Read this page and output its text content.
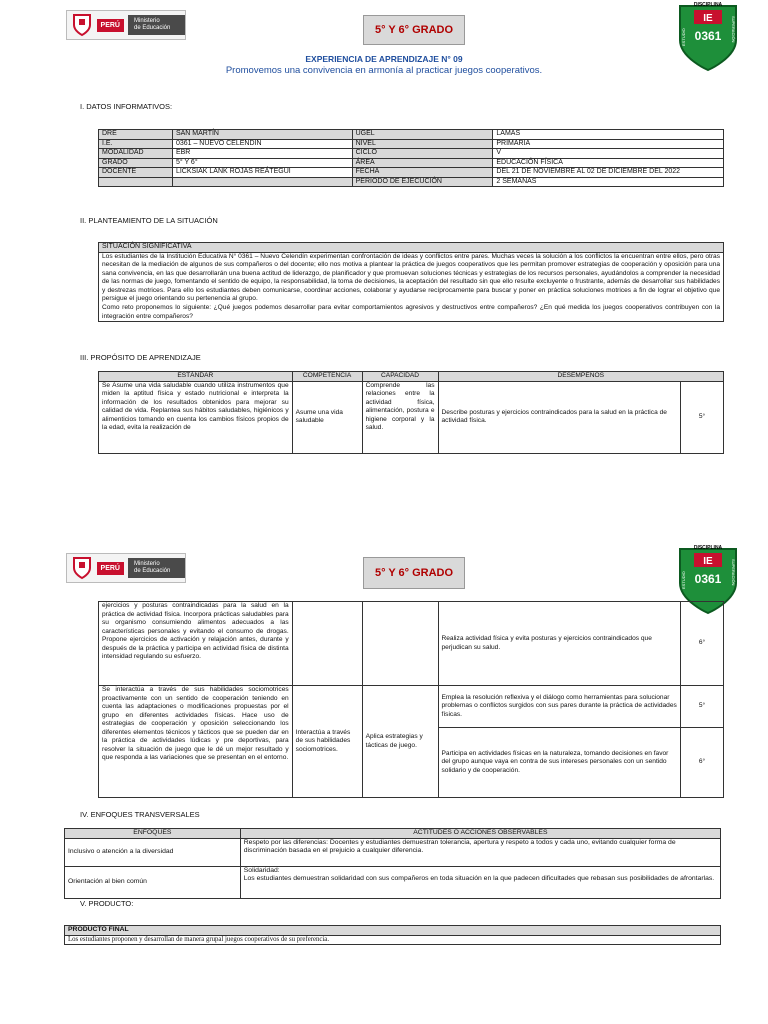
PERÚ
Ministerio
de Educación	5° Y 6° GRADO
IE
DISCIPLINA
0361
ESTUDIO	SUPERACIÓN
EXPERIENCIA DE APRENDIZAJE N° 09
Promovemos una convivencia en armonía al practicar juegos cooperativos.
I. DATOS INFORMATIVOS:
DRE	SAN MARTÍN	UGEL	LAMAS
I.E.	0361 – NUEVO CELENDIN	NIVEL	PRIMARIA
MODALIDAD	EBR	CICLO	V
GRADO	5° Y 6°	ÁREA	EDUCACIÓN FÍSICA
DOCENTE	LICKSIAK LANK ROJAS REÁTEGUI	FECHA	DEL 21 DE NOVIEMBRE AL 02 DE DICIEMBRE DEL 2022
		PERIODO DE EJECUCIÓN	2 SEMANAS
II. PLANTEAMIENTO DE LA SITUACIÓN
SITUACIÓN SIGNIFICATIVA

Los estudiantes de la Institución Educativa N° 0361 – Nuevo Celendín experimentan confrontación de ideas y conflictos entre pares. Muchas veces la solución a los conflictos la encuentran entre ellos, pero otras necesitan de la mediación de algunos de sus compañeros o del docente; ello nos motiva a plantear la práctica de juegos cooperativos que les permitan promover estrategias de cooperación y oposición para una sana convivencia, en las que desarrollarán una buena actitud de liderazgo, de planificador y que promuevan soluciones técnicas y estrategias de los recursos personales, ayudándolos a comprender la necesidad de las normas de juego, fomentando el sentido de equipo, la responsabilidad, la toma de decisiones, la aceptación del resultado sin que ello resulte excluyente o frustrante, además de desarrollar sus habilidades y destrezas motrices. Para ello los estudiantes deben comunicarse, coordinar acciones, colaborar y ayudarse recíprocamente para buscar y poner en práctica soluciones motrices a fin de lograr el objetivo que persigue el juego orientando su pertenencia al grupo.
Como reto proponemos lo siguiente: ¿Qué juegos podemos desarrollar para evitar comportamientos agresivos y destructivos entre compañeros? ¿En qué medida los juegos cooperativos contribuyen con la integración entre compañeros?
III. PROPÓSITO DE APRENDIZAJE
ESTÁNDAR	COMPETENCIA	CAPACIDAD	DESEMPEÑOS	
Se Asume una vida saludable cuando utiliza instrumentos que miden la aptitud física y estado nutricional e interpreta la información de los resultados obtenidos para mejorar su calidad de vida. Replantea sus hábitos saludables, higiénicos y alimenticios tomando en cuenta los cambios físicos propios de la edad, evita la realización de	Asume una vida saludable	Comprende las relaciones entre la actividad física, alimentación, postura e higiene corporal y la salud.	Describe posturas y ejercicios contraindicados para la salud en la práctica de actividad física.	5°
PERÚ
Ministerio
de Educación	5° Y 6° GRADO
IE
DISCIPLINA
0361
ESTUDIO	SUPERACIÓN
ejercicios y posturas contraindicadas para la salud en la práctica de actividad física. Incorpora prácticas saludables para su organismo consumiendo alimentos adecuados a las características personales y evitando el consumo de drogas. Propone ejercicios de activación y relajación antes, durante y después de la práctica y participa en actividad física de distinta intensidad regulando su esfuerzo.			Realiza actividad física y evita posturas y ejercicios contraindicados que perjudican su salud.	6°
Se interactúa a través de sus habilidades sociomotrices proactivamente con un sentido de cooperación teniendo en cuenta las adaptaciones o modificaciones propuestas por el grupo en diferentes actividades físicas. Hace uso de estrategias de cooperación y oposición seleccionando los diferentes elementos técnicos y tácticos que se pueden dar en la práctica de actividades lúdicas y pre deportivas, para resolver la situación de juego que le dé un mejor resultado y que responda a las variaciones que se presentan en el entorno.	Interactúa a través de sus habilidades sociomotrices.	Aplica estrategias y tácticas de juego.	Emplea la resolución reflexiva y el diálogo como herramientas para solucionar problemas o conflictos surgidos con sus pares durante la práctica de actividades físicas.	5°
			Participa en actividades físicas en la naturaleza, tomando decisiones en favor del grupo aunque vaya en contra de sus intereses personales con un sentido solidario y de cooperación.	6°
IV. ENFOQUES TRANSVERSALES
ENFOQUES	ACTITUDES O ACCIONES OBSERVABLES
Inclusivo o atención a la diversidad	Respeto por las diferencias: Docentes y estudiantes demuestran tolerancia, apertura y respeto a todos y cada uno, evitando cualquier forma de discriminación basada en el prejuicio a cualquier diferencia.
Orientación al bien común	Solidaridad:
Los estudiantes demuestran solidaridad con sus compañeros en toda situación en la que padecen dificultades que rebasan sus posibilidades de afrontarlas.
V. PRODUCTO:
PRODUCTO FINAL
Los estudiantes proponen y desarrollan de manera grupal juegos cooperativos de su preferencia.
